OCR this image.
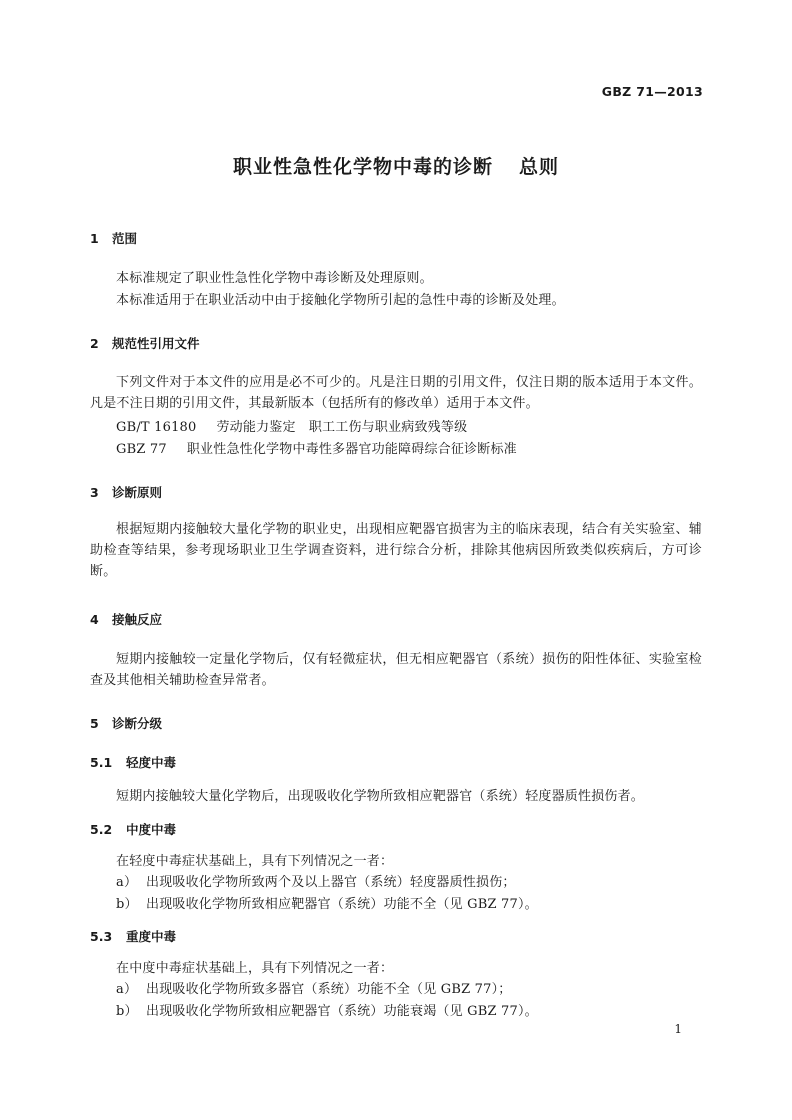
GBZ 71—2013
职业性急性化学物中毒的诊断 总则
1 范围
本标准规定了职业性急性化学物中毒诊断及处理原则。
本标准适用于在职业活动中由于接触化学物所引起的急性中毒的诊断及处理。
2 规范性引用文件
下列文件对于本文件的应用是必不可少的。凡是注日期的引用文件，仅注日期的版本适用于本文件。凡是不注日期的引用文件，其最新版本（包括所有的修改单）适用于本文件。
GB/T 16180 劳动能力鉴定　职工工伤与职业病致残等级
GBZ 77 职业性急性化学物中毒性多器官功能障碍综合征诊断标准
3 诊断原则
根据短期内接触较大量化学物的职业史，出现相应靶器官损害为主的临床表现，结合有关实验室、辅助检查等结果，参考现场职业卫生学调查资料，进行综合分析，排除其他病因所致类似疾病后，方可诊断。
4 接触反应
短期内接触较一定量化学物后，仅有轻微症状，但无相应靶器官（系统）损伤的阳性体征、实验室检查及其他相关辅助检查异常者。
5 诊断分级
5.1 轻度中毒
短期内接触较大量化学物后，出现吸收化学物所致相应靶器官（系统）轻度器质性损伤者。
5.2 中度中毒
在轻度中毒症状基础上，具有下列情况之一者：
a） 出现吸收化学物所致两个及以上器官（系统）轻度器质性损伤；
b） 出现吸收化学物所致相应靶器官（系统）功能不全（见 GBZ 77）。
5.3 重度中毒
在中度中毒症状基础上，具有下列情况之一者：
a） 出现吸收化学物所致多器官（系统）功能不全（见 GBZ 77）；
b） 出现吸收化学物所致相应靶器官（系统）功能衰竭（见 GBZ 77）。
1
